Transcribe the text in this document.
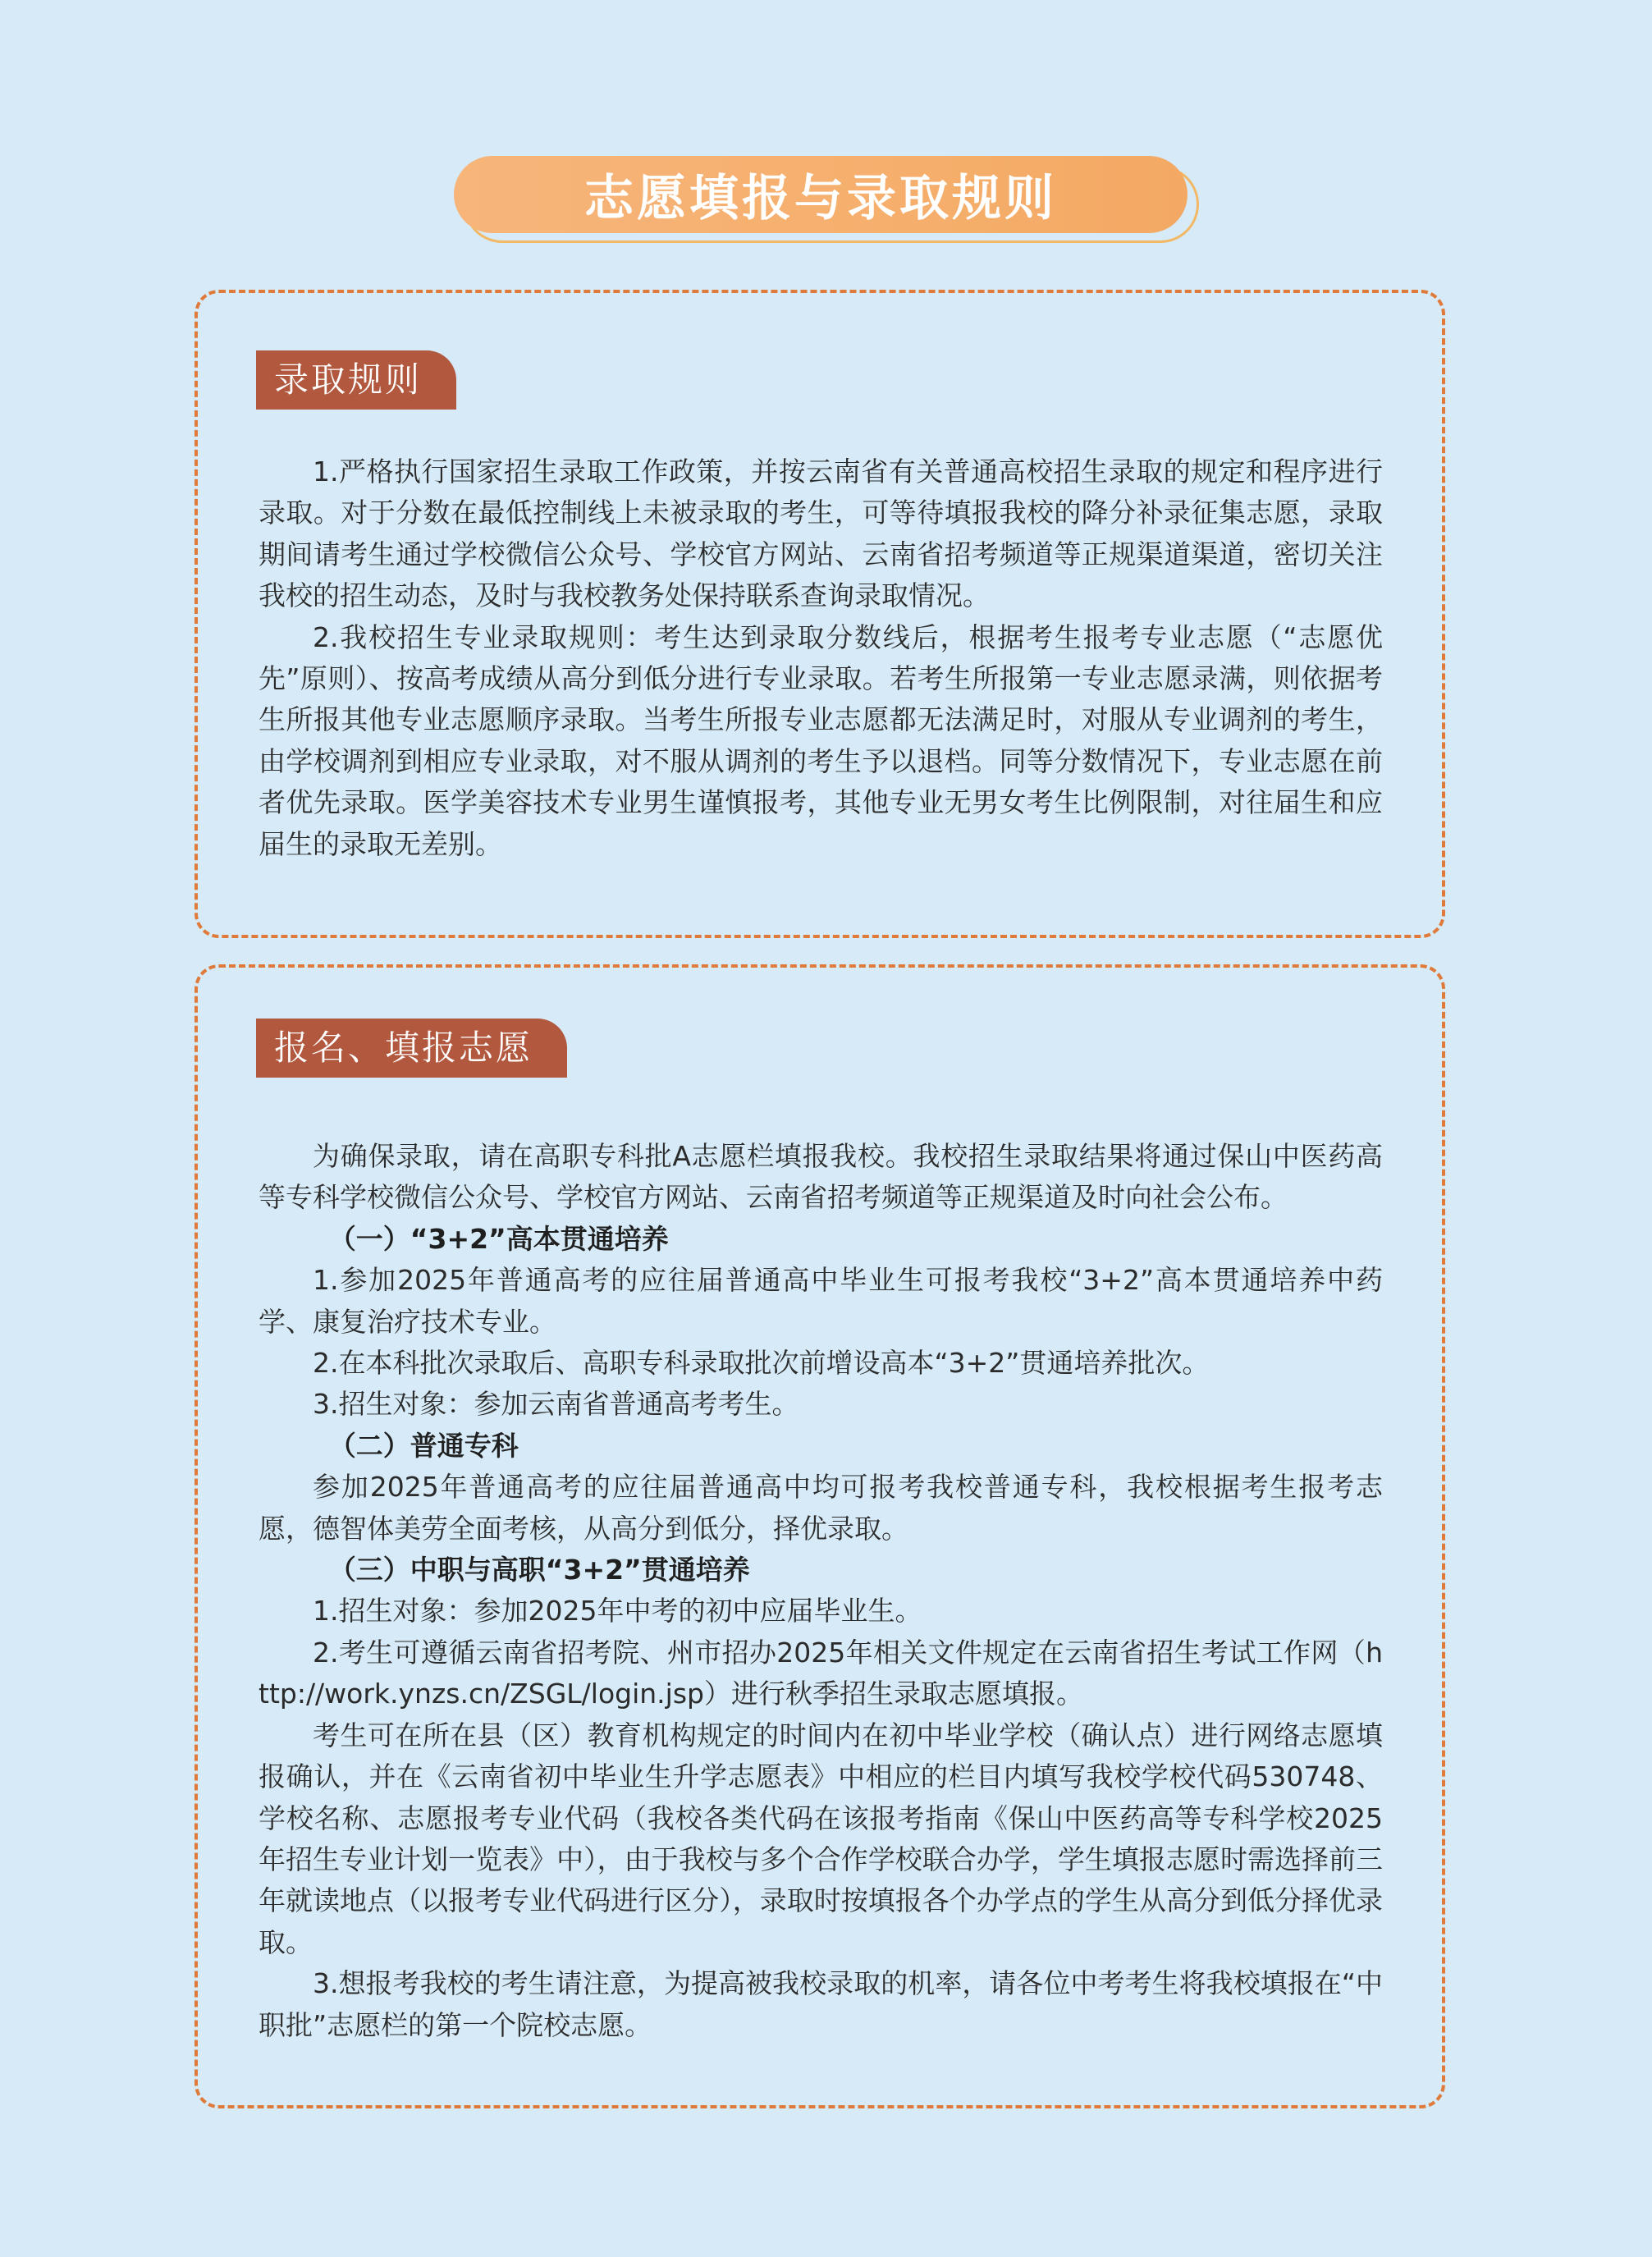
志愿填报与录取规则
录取规则

1.严格执行国家招生录取工作政策，并按云南省有关普通高校招生录取的规定和程序进行录取。对于分数在最低控制线上未被录取的考生，可等待填报我校的降分补录征集志愿，录取期间请考生通过学校微信公众号、学校官方网站、云南省招考频道等正规渠道渠道，密切关注我校的招生动态，及时与我校教务处保持联系查询录取情况。

2.我校招生专业录取规则：考生达到录取分数线后，根据考生报考专业志愿（“志愿优先”原则）、按高考成绩从高分到低分进行专业录取。若考生所报第一专业志愿录满，则依据考生所报其他专业志愿顺序录取。当考生所报专业志愿都无法满足时，对服从专业调剂的考生，由学校调剂到相应专业录取，对不服从调剂的考生予以退档。同等分数情况下，专业志愿在前者优先录取。医学美容技术专业男生谨慎报考，其他专业无男女考生比例限制，对往届生和应届生的录取无差别。

报名、填报志愿

为确保录取，请在高职专科批A志愿栏填报我校。我校招生录取结果将通过保山中医药高等专科学校微信公众号、学校官方网站、云南省招考频道等正规渠道及时向社会公布。

（一）“3+2”高本贯通培养

1.参加2025年普通高考的应往届普通高中毕业生可报考我校“3+2”高本贯通培养中药学、康复治疗技术专业。

2.在本科批次录取后、高职专科录取批次前增设高本“3+2”贯通培养批次。

3.招生对象：参加云南省普通高考考生。

（二）普通专科

参加2025年普通高考的应往届普通高中均可报考我校普通专科，我校根据考生报考志愿，德智体美劳全面考核，从高分到低分，择优录取。

（三）中职与高职“3+2”贯通培养

1.招生对象：参加2025年中考的初中应届毕业生。

2.考生可遵循云南省招考院、州市招办2025年相关文件规定在云南省招生考试工作网（http://work.ynzs.cn/ZSGL/login.jsp）进行秋季招生录取志愿填报。

考生可在所在县（区）教育机构规定的时间内在初中毕业学校（确认点）进行网络志愿填报确认，并在《云南省初中毕业生升学志愿表》中相应的栏目内填写我校学校代码530748、学校名称、志愿报考专业代码（我校各类代码在该报考指南《保山中医药高等专科学校2025年招生专业计划一览表》中），由于我校与多个合作学校联合办学，学生填报志愿时需选择前三年就读地点（以报考专业代码进行区分），录取时按填报各个办学点的学生从高分到低分择优录取。

3.想报考我校的考生请注意，为提高被我校录取的机率，请各位中考考生将我校填报在“中职批”志愿栏的第一个院校志愿。
